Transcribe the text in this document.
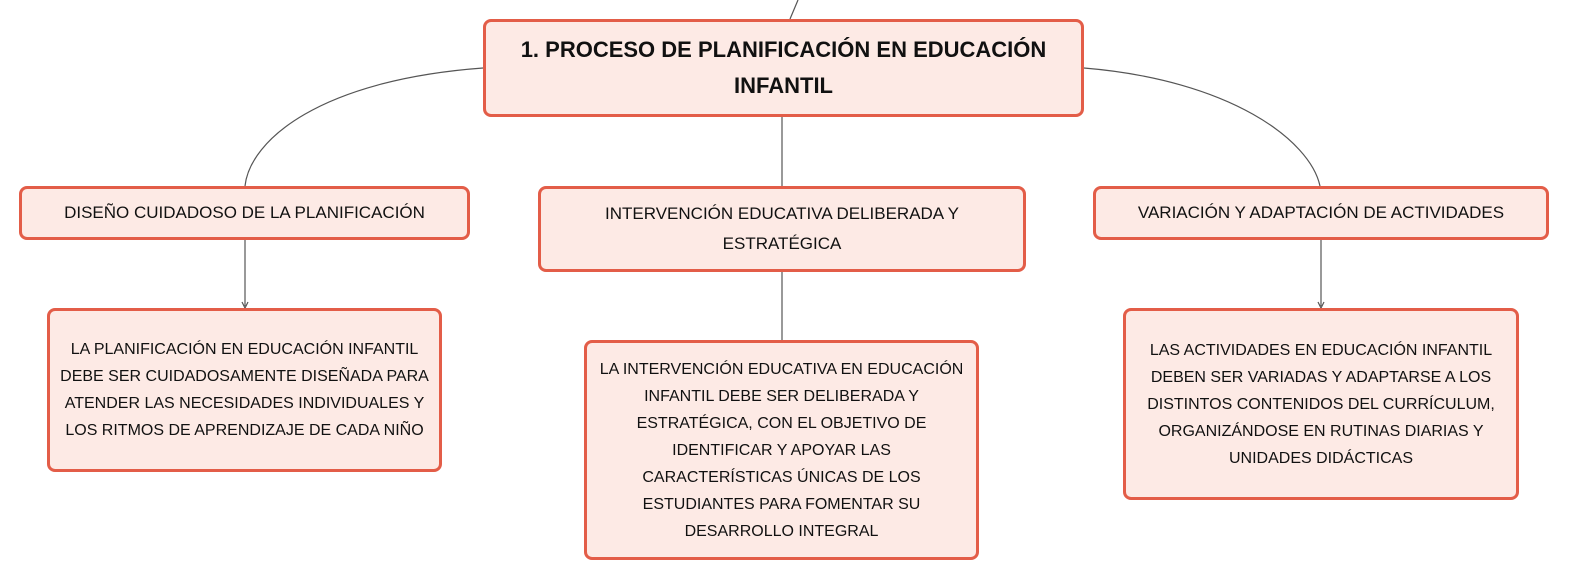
1. PROCESO DE PLANIFICACIÓN EN EDUCACIÓN INFANTIL
DISEÑO CUIDADOSO DE LA PLANIFICACIÓN	INTERVENCIÓN EDUCATIVA DELIBERADA Y ESTRATÉGICA
VARIACIÓN Y ADAPTACIÓN DE ACTIVIDADES
LA PLANIFICACIÓN EN EDUCACIÓN INFANTIL DEBE SER CUIDADOSAMENTE DISEÑADA PARA ATENDER LAS NECESIDADES INDIVIDUALES Y LOS RITMOS DE APRENDIZAJE DE CADA NIÑO
LA INTERVENCIÓN EDUCATIVA EN EDUCACIÓN INFANTIL DEBE SER DELIBERADA Y ESTRATÉGICA, CON EL OBJETIVO DE IDENTIFICAR Y APOYAR LAS CARACTERÍSTICAS ÚNICAS DE LOS ESTUDIANTES PARA FOMENTAR SU DESARROLLO INTEGRAL
LAS ACTIVIDADES EN EDUCACIÓN INFANTIL DEBEN SER VARIADAS Y ADAPTARSE A LOS DISTINTOS CONTENIDOS DEL CURRÍCULUM, ORGANIZÁNDOSE EN RUTINAS DIARIAS Y UNIDADES DIDÁCTICAS
